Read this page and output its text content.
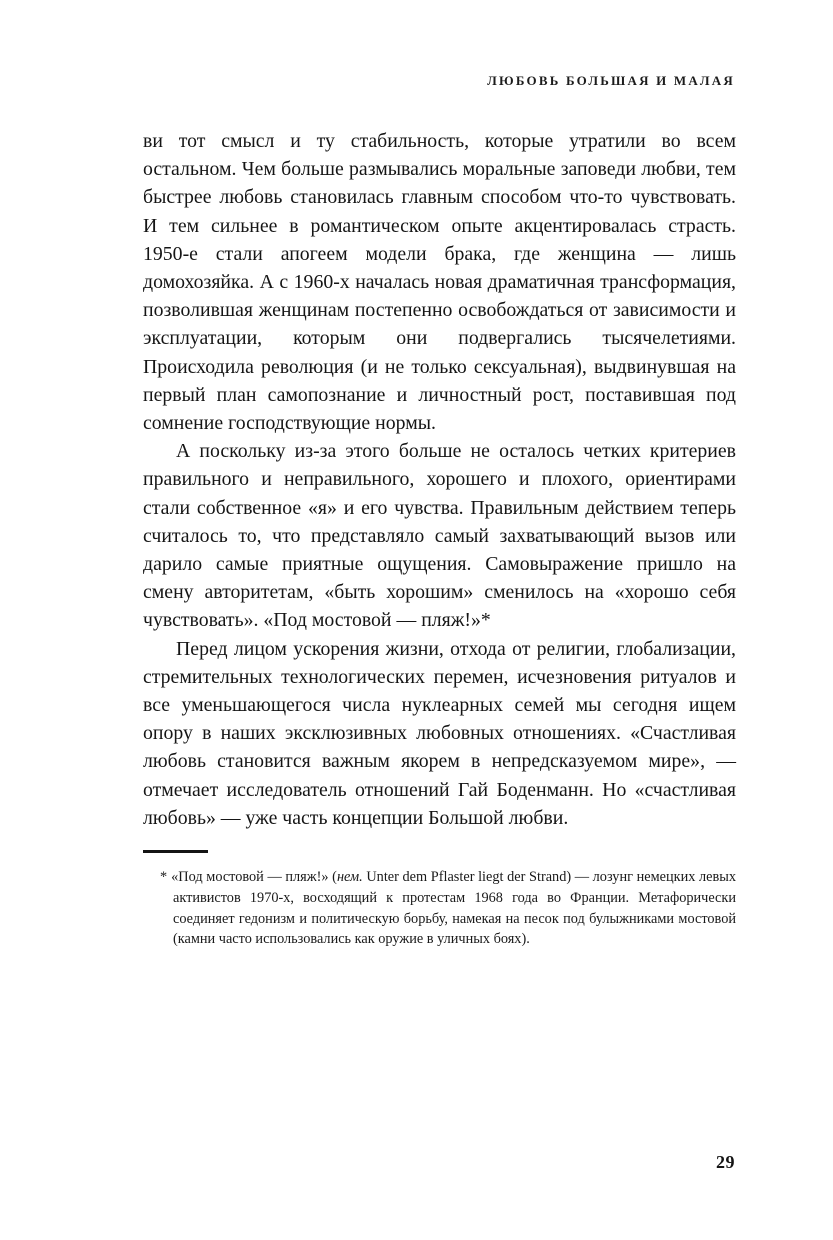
ЛЮБОВЬ БОЛЬШАЯ И МАЛАЯ

ви тот смысл и ту стабильность, которые утратили во всем остальном. Чем больше размывались моральные заповеди любви, тем быстрее любовь становилась главным способом что-то чувствовать. И тем сильнее в романтическом опыте акцентировалась страсть. 1950-е стали апогеем модели брака, где женщина — лишь домохозяйка. А с 1960-х началась новая драматичная трансформация, позволившая женщинам постепенно освобождаться от зависимости и эксплуатации, которым они подвергались тысячелетиями. Происходила революция (и не только сексуальная), выдвинувшая на первый план самопознание и личностный рост, поставившая под сомнение господствующие нормы.

А поскольку из-за этого больше не осталось четких критериев правильного и неправильного, хорошего и плохого, ориентирами стали собственное «я» и его чувства. Правильным действием теперь считалось то, что представляло самый захватывающий вызов или дарило самые приятные ощущения. Самовыражение пришло на смену авторитетам, «быть хорошим» сменилось на «хорошо себя чувствовать». «Под мостовой — пляж!»*

Перед лицом ускорения жизни, отхода от религии, глобализации, стремительных технологических перемен, исчезновения ритуалов и все уменьшающегося числа нуклеарных семей мы сегодня ищем опору в наших эксклюзивных любовных отношениях. «Счастливая любовь становится важным якорем в непредсказуемом мире», — отмечает исследователь отношений Гай Боденманн. Но «счастливая любовь» — уже часть концепции Большой любви.

* «Под мостовой — пляж!» (нем. Unter dem Pflaster liegt der Strand) — лозунг немецких левых активистов 1970-х, восходящий к протестам 1968 года во Франции. Метафорически соединяет гедонизм и политическую борьбу, намекая на песок под булыжниками мостовой (камни часто использовались как оружие в уличных боях).

29
